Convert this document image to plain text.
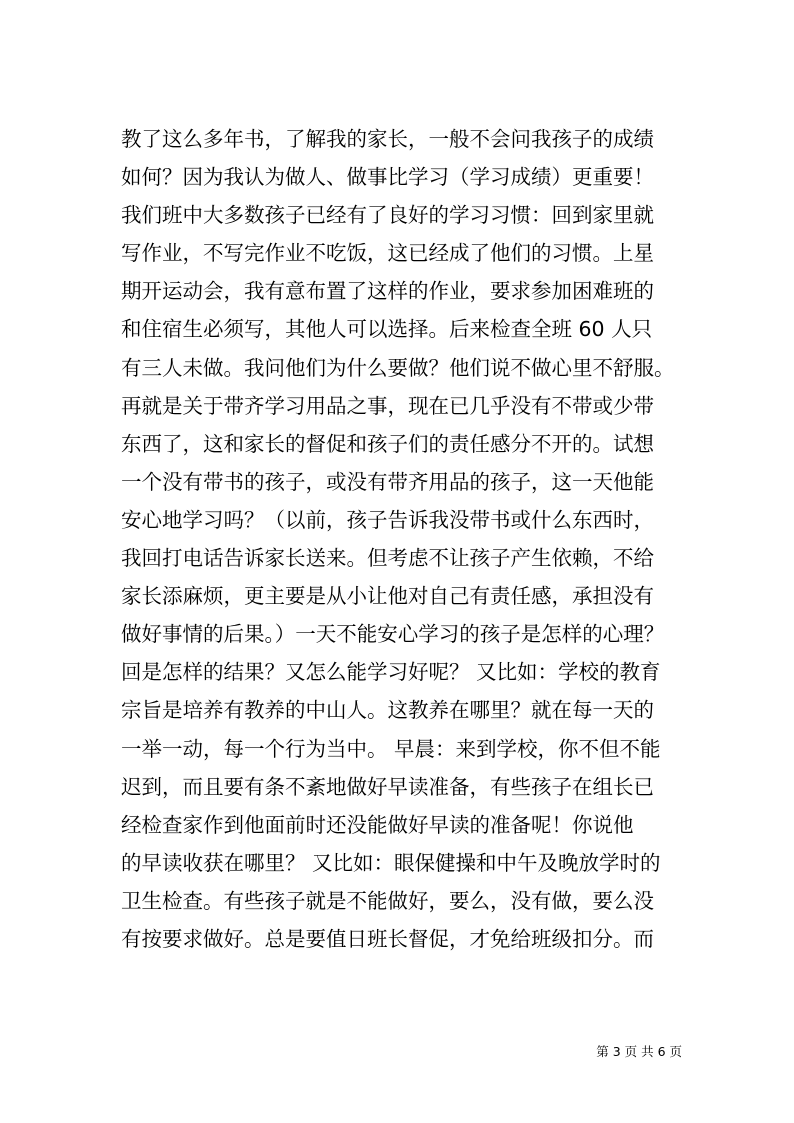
教了这么多年书，了解我的家长，一般不会问我孩子的成绩
如何？因为我认为做人、做事比学习（学习成绩）更重要！
我们班中大多数孩子已经有了良好的学习习惯：回到家里就
写作业，不写完作业不吃饭，这已经成了他们的习惯。上星
期开运动会，我有意布置了这样的作业，要求参加困难班的
和住宿生必须写，其他人可以选择。后来检查全班 60 人只
有三人未做。我问他们为什么要做？他们说不做心里不舒服。
再就是关于带齐学习用品之事，现在已几乎没有不带或少带
东西了，这和家长的督促和孩子们的责任感分不开的。试想
一个没有带书的孩子，或没有带齐用品的孩子，这一天他能
安心地学习吗？（以前，孩子告诉我没带书或什么东西时，
我回打电话告诉家长送来。但考虑不让孩子产生依赖，不给
家长添麻烦，更主要是从小让他对自己有责任感，承担没有
做好事情的后果。）一天不能安心学习的孩子是怎样的心理？
回是怎样的结果？又怎么能学习好呢？ 又比如：学校的教育
宗旨是培养有教养的中山人。这教养在哪里？就在每一天的
一举一动，每一个行为当中。 早晨：来到学校，你不但不能
迟到，而且要有条不紊地做好早读准备，有些孩子在组长已
经检查家作到他面前时还没能做好早读的准备呢！你说他
的早读收获在哪里？ 又比如：眼保健操和中午及晚放学时的
卫生检查。有些孩子就是不能做好，要么，没有做，要么没
有按要求做好。总是要值日班长督促，才免给班级扣分。而
第 3 页 共 6 页
